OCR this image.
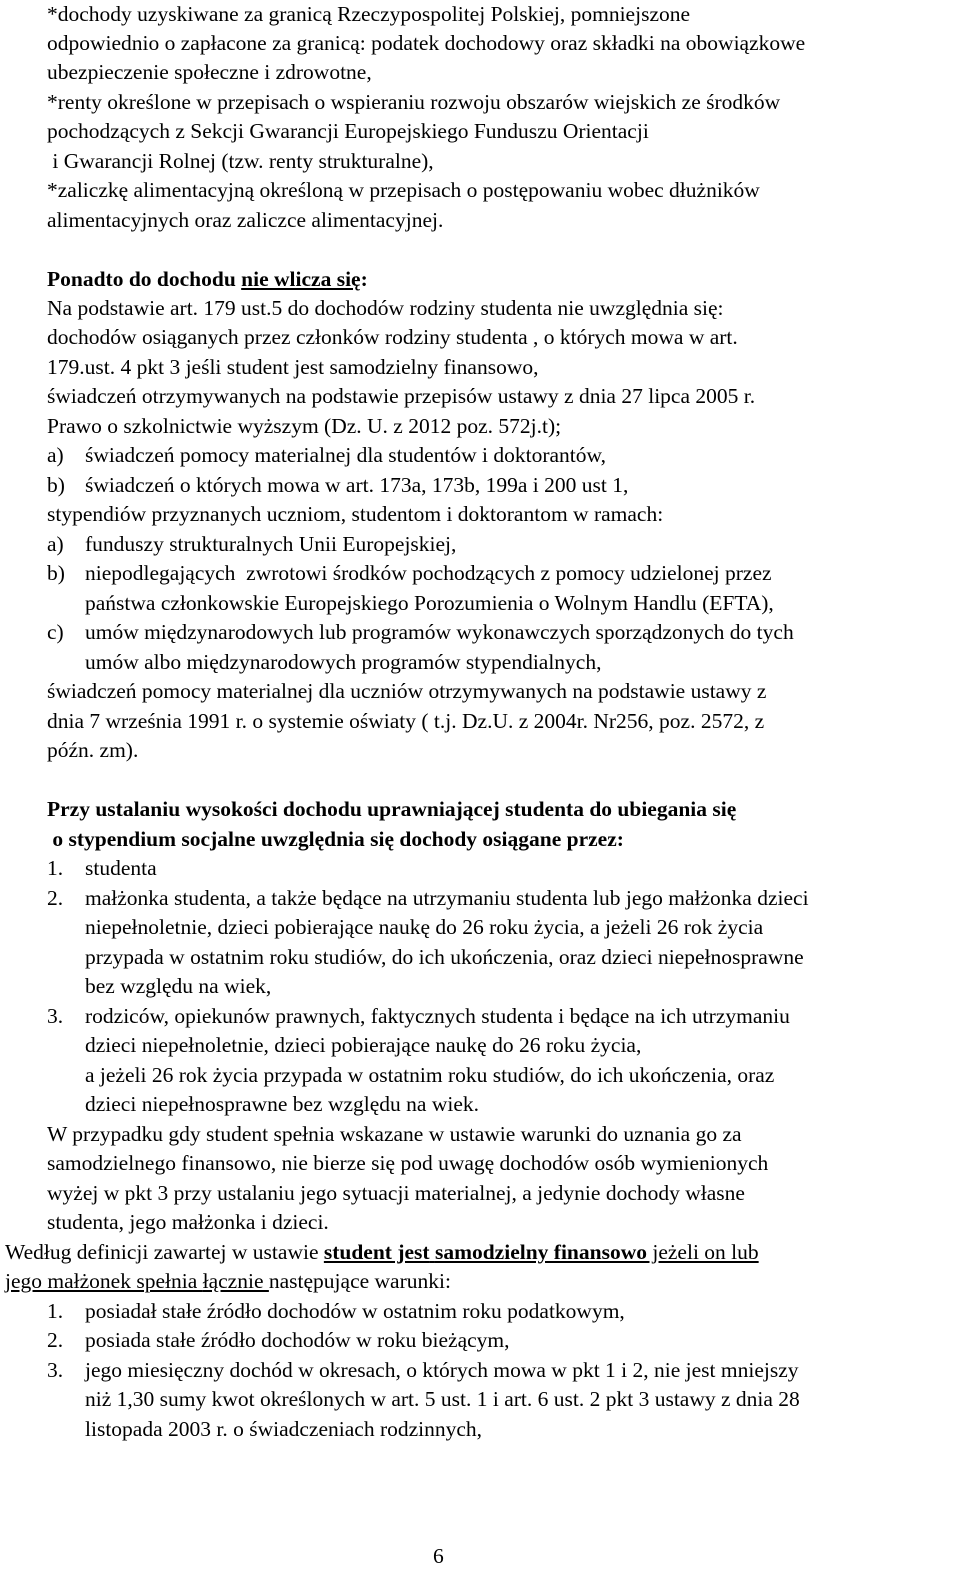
*dochody uzyskiwane za granicą Rzeczypospolitej Polskiej, pomniejszone
odpowiednio o zapłacone za granicą: podatek dochodowy oraz składki na obowiązkowe
ubezpieczenie społeczne i zdrowotne,
*renty określone w przepisach o wspieraniu rozwoju obszarów wiejskich ze środków
pochodzących z Sekcji Gwarancji Europejskiego Funduszu Orientacji
i Gwarancji Rolnej (tzw. renty strukturalne),
*zaliczkę alimentacyjną określoną w przepisach o postępowaniu wobec dłużników
alimentacyjnych oraz zaliczce alimentacyjnej.
Ponadto do dochodu nie wlicza się:
Na podstawie art. 179 ust.5 do dochodów rodziny studenta nie uwzględnia się:
dochodów osiąganych przez członków rodziny studenta , o których mowa w art.
179.ust. 4 pkt 3 jeśli student jest samodzielny finansowo,
świadczeń otrzymywanych na podstawie przepisów ustawy z dnia 27 lipca 2005 r.
Prawo o szkolnictwie wyższym (Dz. U. z 2012 poz. 572j.t);
a) świadczeń pomocy materialnej dla studentów i doktorantów,
b) świadczeń o których mowa w art. 173a, 173b, 199a i 200 ust 1,
stypendiów przyznanych uczniom, studentom i doktorantom w ramach:
a) funduszy strukturalnych Unii Europejskiej,
b) niepodlegających  zwrotowi środków pochodzących z pomocy udzielonej przez
państwa członkowskie Europejskiego Porozumienia o Wolnym Handlu (EFTA),
c) umów międzynarodowych lub programów wykonawczych sporządzonych do tych
umów albo międzynarodowych programów stypendialnych,
świadczeń pomocy materialnej dla uczniów otrzymywanych na podstawie ustawy z
dnia 7 września 1991 r. o systemie oświaty ( t.j. Dz.U. z 2004r. Nr256, poz. 2572, z
późn. zm).
Przy ustalaniu wysokości dochodu uprawniającej studenta do ubiegania się
o stypendium socjalne uwzględnia się dochody osiągane przez:
1. studenta
2. małżonka studenta, a także będące na utrzymaniu studenta lub jego małżonka dzieci
niepełnoletnie, dzieci pobierające naukę do 26 roku życia, a jeżeli 26 rok życia
przypada w ostatnim roku studiów, do ich ukończenia, oraz dzieci niepełnosprawne
bez względu na wiek,
3. rodziców, opiekunów prawnych, faktycznych studenta i będące na ich utrzymaniu
dzieci niepełnoletnie, dzieci pobierające naukę do 26 roku życia,
a jeżeli 26 rok życia przypada w ostatnim roku studiów, do ich ukończenia, oraz
dzieci niepełnosprawne bez względu na wiek.
W przypadku gdy student spełnia wskazane w ustawie warunki do uznania go za
samodzielnego finansowo, nie bierze się pod uwagę dochodów osób wymienionych
wyżej w pkt 3 przy ustalaniu jego sytuacji materialnej, a jedynie dochody własne
studenta, jego małżonka i dzieci.
Według definicji zawartej w ustawie student jest samodzielny finansowo jeżeli on lub
jego małżonek spełnia łącznie następujące warunki:
1. posiadał stałe źródło dochodów w ostatnim roku podatkowym,
2. posiada stałe źródło dochodów w roku bieżącym,
3. jego miesięczny dochód w okresach, o których mowa w pkt 1 i 2, nie jest mniejszy
niż 1,30 sumy kwot określonych w art. 5 ust. 1 i art. 6 ust. 2 pkt 3 ustawy z dnia 28
listopada 2003 r. o świadczeniach rodzinnych,
6
